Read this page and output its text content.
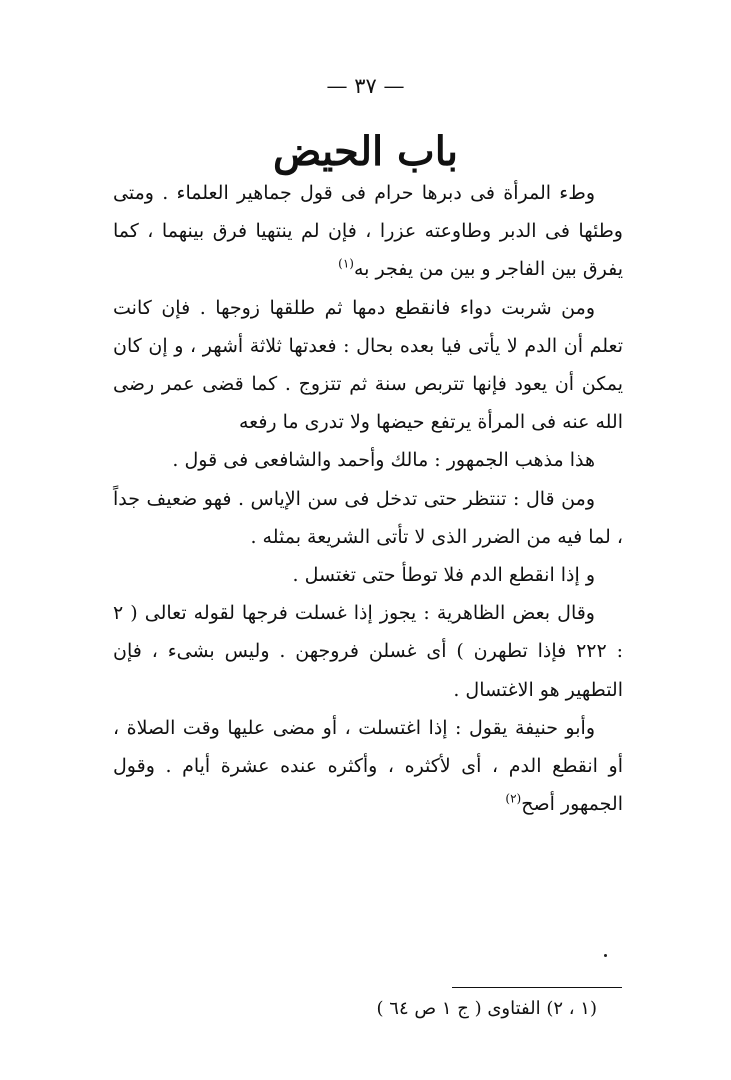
— ٣٧ —
باب الحيض

وطء المرأة فى دبرها حرام فى قول جماهير العلماء . ومتى وطئها فى الدبر وطاوعته عزرا ، فإن لم ينتهيا فرق بينهما ، كما يفرق بين الفاجر و بين من يفجر به$^{(١)}$

ومن شربت دواء فانقطع دمها ثم طلقها زوجها . فإن كانت تعلم أن الدم لا يأتى فيا بعده بحال : فعدتها ثلاثة أشهر ، و إن كان يمكن أن يعود فإنها تتربص سنة ثم تتزوج . كما قضى عمر رضى الله عنه فى المرأة يرتفع حيضها ولا تدرى ما رفعه

هذا مذهب الجمهور : مالك وأحمد والشافعى فى قول .

ومن قال : تنتظر حتى تدخل فى سن الإياس . فهو ضعيف جداً ، لما فيه من الضرر الذى لا تأتى الشريعة بمثله .

و إذا انقطع الدم فلا توطأ حتى تغتسل .

وقال بعض الظاهرية : يجوز إذا غسلت فرجها لقوله تعالى ( ٢ : ٢٢٢ فإذا تطهرن ) أى غسلن فروجهن . وليس بشىء ، فإن التطهير هو الاغتسال .

وأبو حنيفة يقول : إذا اغتسلت ، أو مضى عليها وقت الصلاة ، أو انقطع الدم ، أى لأكثره ، وأكثره عنده عشرة أيام . وقول الجمهور أصح$^{(٢)}$

(١ ، ٢) الفتاوى ( ج ١ ص ٦٤ )
